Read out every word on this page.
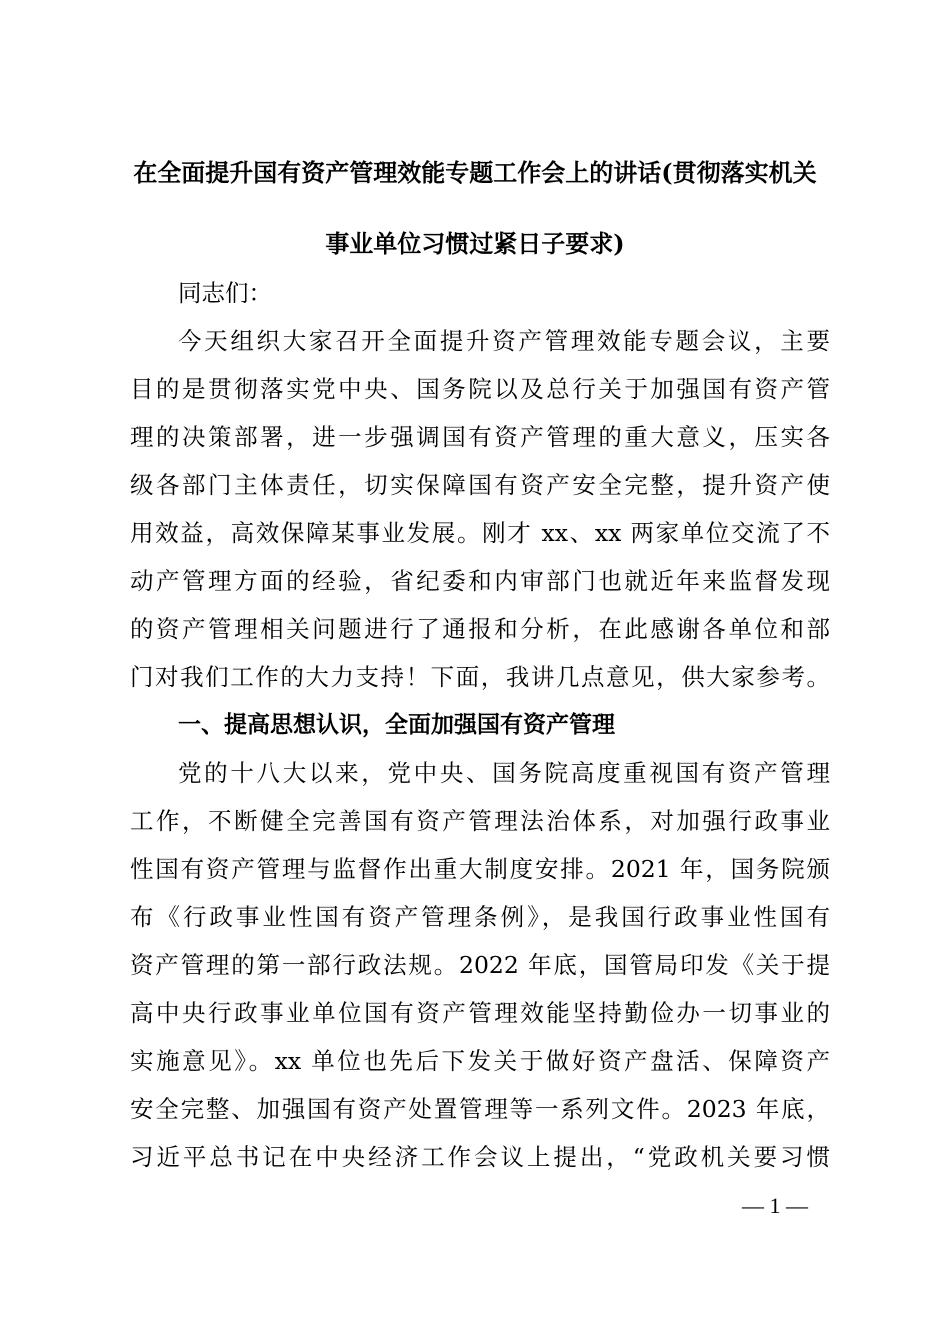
在全面提升国有资产管理效能专题工作会上的讲话(贯彻落实机关
事业单位习惯过紧日子要求)
同志们：
今天组织大家召开全面提升资产管理效能专题会议，主要
目的是贯彻落实党中央、国务院以及总行关于加强国有资产管
理的决策部署，进一步强调国有资产管理的重大意义，压实各
级各部门主体责任，切实保障国有资产安全完整，提升资产使
用效益，高效保障某事业发展。刚才 xx、xx 两家单位交流了不
动产管理方面的经验，省纪委和内审部门也就近年来监督发现
的资产管理相关问题进行了通报和分析，在此感谢各单位和部
门对我们工作的大力支持！下面，我讲几点意见，供大家参考。
一、提高思想认识，全面加强国有资产管理
党的十八大以来，党中央、国务院高度重视国有资产管理
工作，不断健全完善国有资产管理法治体系，对加强行政事业
性国有资产管理与监督作出重大制度安排。2021 年，国务院颁
布《行政事业性国有资产管理条例》，是我国行政事业性国有
资产管理的第一部行政法规。2022 年底，国管局印发《关于提
高中央行政事业单位国有资产管理效能坚持勤俭办一切事业的
实施意见》。xx 单位也先后下发关于做好资产盘活、保障资产
安全完整、加强国有资产处置管理等一系列文件。2023 年底，
习近平总书记在中央经济工作会议上提出，“党政机关要习惯
— 1 —
